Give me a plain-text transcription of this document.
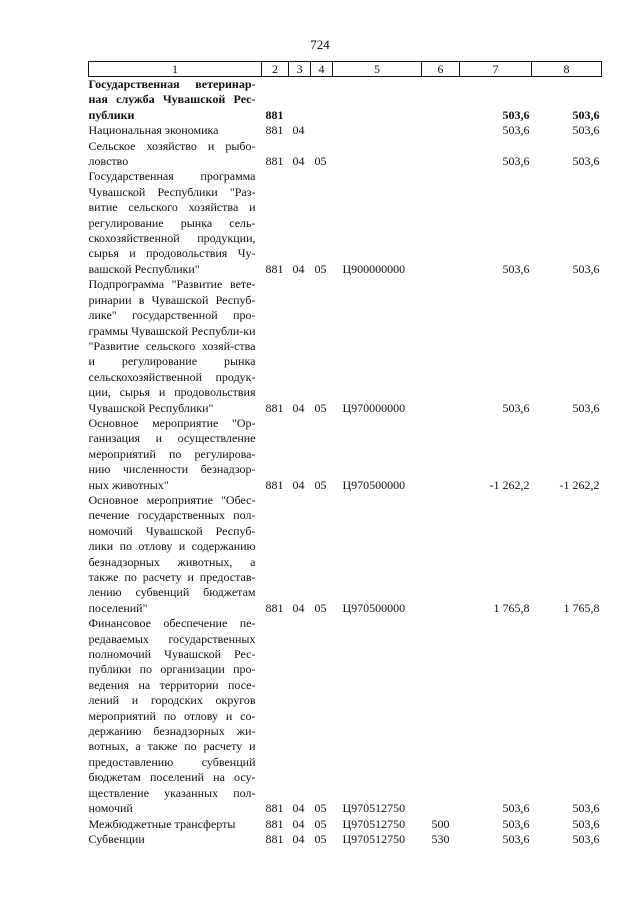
724
1	2	3	4	5	6	7	8
Государственная ветеринар-ная служба Чувашской Рес-публики	881					503,6	503,6
Национальная экономика	881	04				503,6	503,6
Сельское хозяйство и рыбо-ловство	881	04	05			503,6	503,6
Государственная программа Чувашской Республики "Раз-витие сельского хозяйства и регулирование рынка сель-скохозяйственной продукции, сырья и продовольствия Чу-вашской Республики"	881	04	05	Ц900000000		503,6	503,6
Подпрограмма "Развитие вете-ринарии в Чувашской Респуб-лике" государственной про-граммы Чувашской Республи-ки "Развитие сельского хозяй-ства и регулирование рынка сельскохозяйственной продук-ции, сырья и продовольствия Чувашской Республики"	881	04	05	Ц970000000		503,6	503,6
Основное мероприятие "Ор-ганизация и осуществление мероприятий по регулирова-нию численности безнадзор-ных животных"	881	04	05	Ц970500000		-1 262,2	-1 262,2
Основное мероприятие "Обес-печение государственных пол-номочий Чувашской Респуб-лики по отлову и содержанию безнадзорных животных, а также по расчету и предостав-лению субвенций бюджетам поселений"	881	04	05	Ц970500000		1 765,8	1 765,8
Финансовое обеспечение пе-редаваемых государственных полномочий Чувашской Рес-публики по организации про-ведения на территории посе-лений и городских округов мероприятий по отлову и со-держанию безнадзорных жи-вотных, а также по расчету и предоставлению субвенций бюджетам поселений на осу-ществление указанных пол-номочий	881	04	05	Ц970512750		503,6	503,6
Межбюджетные трансферты	881	04	05	Ц970512750	500	503,6	503,6
Субвенции	881	04	05	Ц970512750	530	503,6	503,6
